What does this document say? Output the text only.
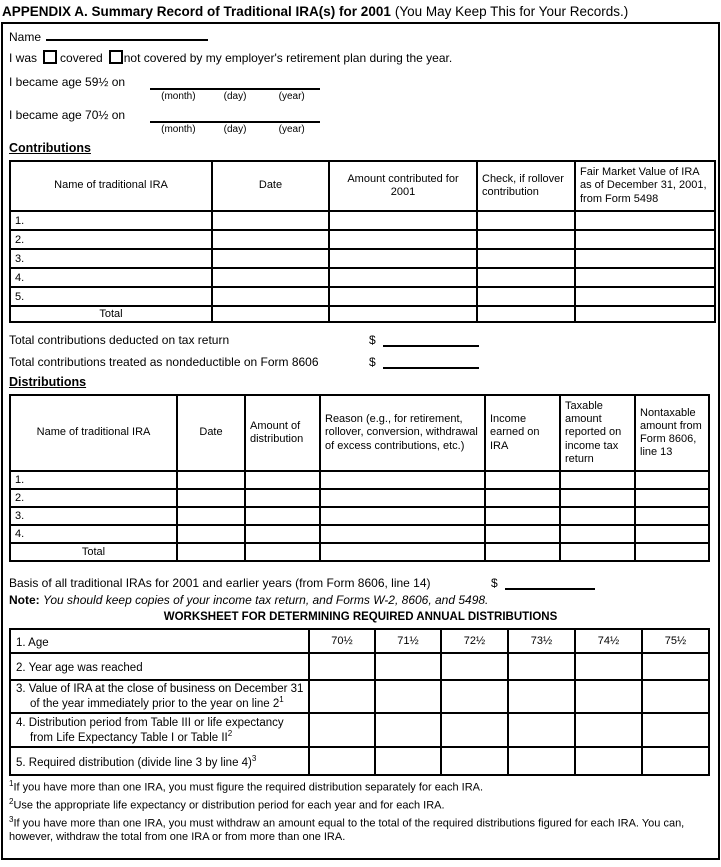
APPENDIX A. Summary Record of Traditional IRA(s) for 2001 (You May Keep This for Your Records.)
Name
I was covered not covered by my employer's retirement plan during the year.
I became age 59½ on
(month)	(day)	(year)
I became age 70½ on
(month)	(day)	(year)
Contributions
Name of traditional IRA	Date	Amount contributed for 2001	Check, if rollover contribution	Fair Market Value of IRA as of December 31, 2001, from Form 5498
1.				
2.				
3.				
4.				
5.				
Total				
Total contributions deducted on tax return	$
Total contributions treated as nondeductible on Form 8606	$
Distributions
Name of traditional IRA	Date	Amount of distribution	Reason (e.g., for retirement, rollover, conversion, withdrawal of excess contributions, etc.)	Income earned on IRA	Taxable amount reported on income tax return	Nontaxable amount from Form 8606, line 13
1.						
2.						
3.						
4.						
Total						
Basis of all traditional IRAs for 2001 and earlier years (from Form 8606, line 14)	$
Note: You should keep copies of your income tax return, and Forms W-2, 8606, and 5498.
WORKSHEET FOR DETERMINING REQUIRED ANNUAL DISTRIBUTIONS
1. Age	70½	71½	72½	73½	74½	75½
2. Year age was reached						
3. Value of IRA at the close of business on December 31 of the year immediately prior to the year on line $2^1$						
4. Distribution period from Table III or life expectancy from Life Expectancy Table I or Table $II^2$						
5. Required distribution (divide line 3 by line 4)$^3$						
$^1$If you have more than one IRA, you must figure the required distribution separately for each IRA.
$^2$Use the appropriate life expectancy or distribution period for each year and for each IRA.
$^3$If you have more than one IRA, you must withdraw an amount equal to the total of the required distributions figured for each IRA. You can, however, withdraw the total from one IRA or from more than one IRA.
